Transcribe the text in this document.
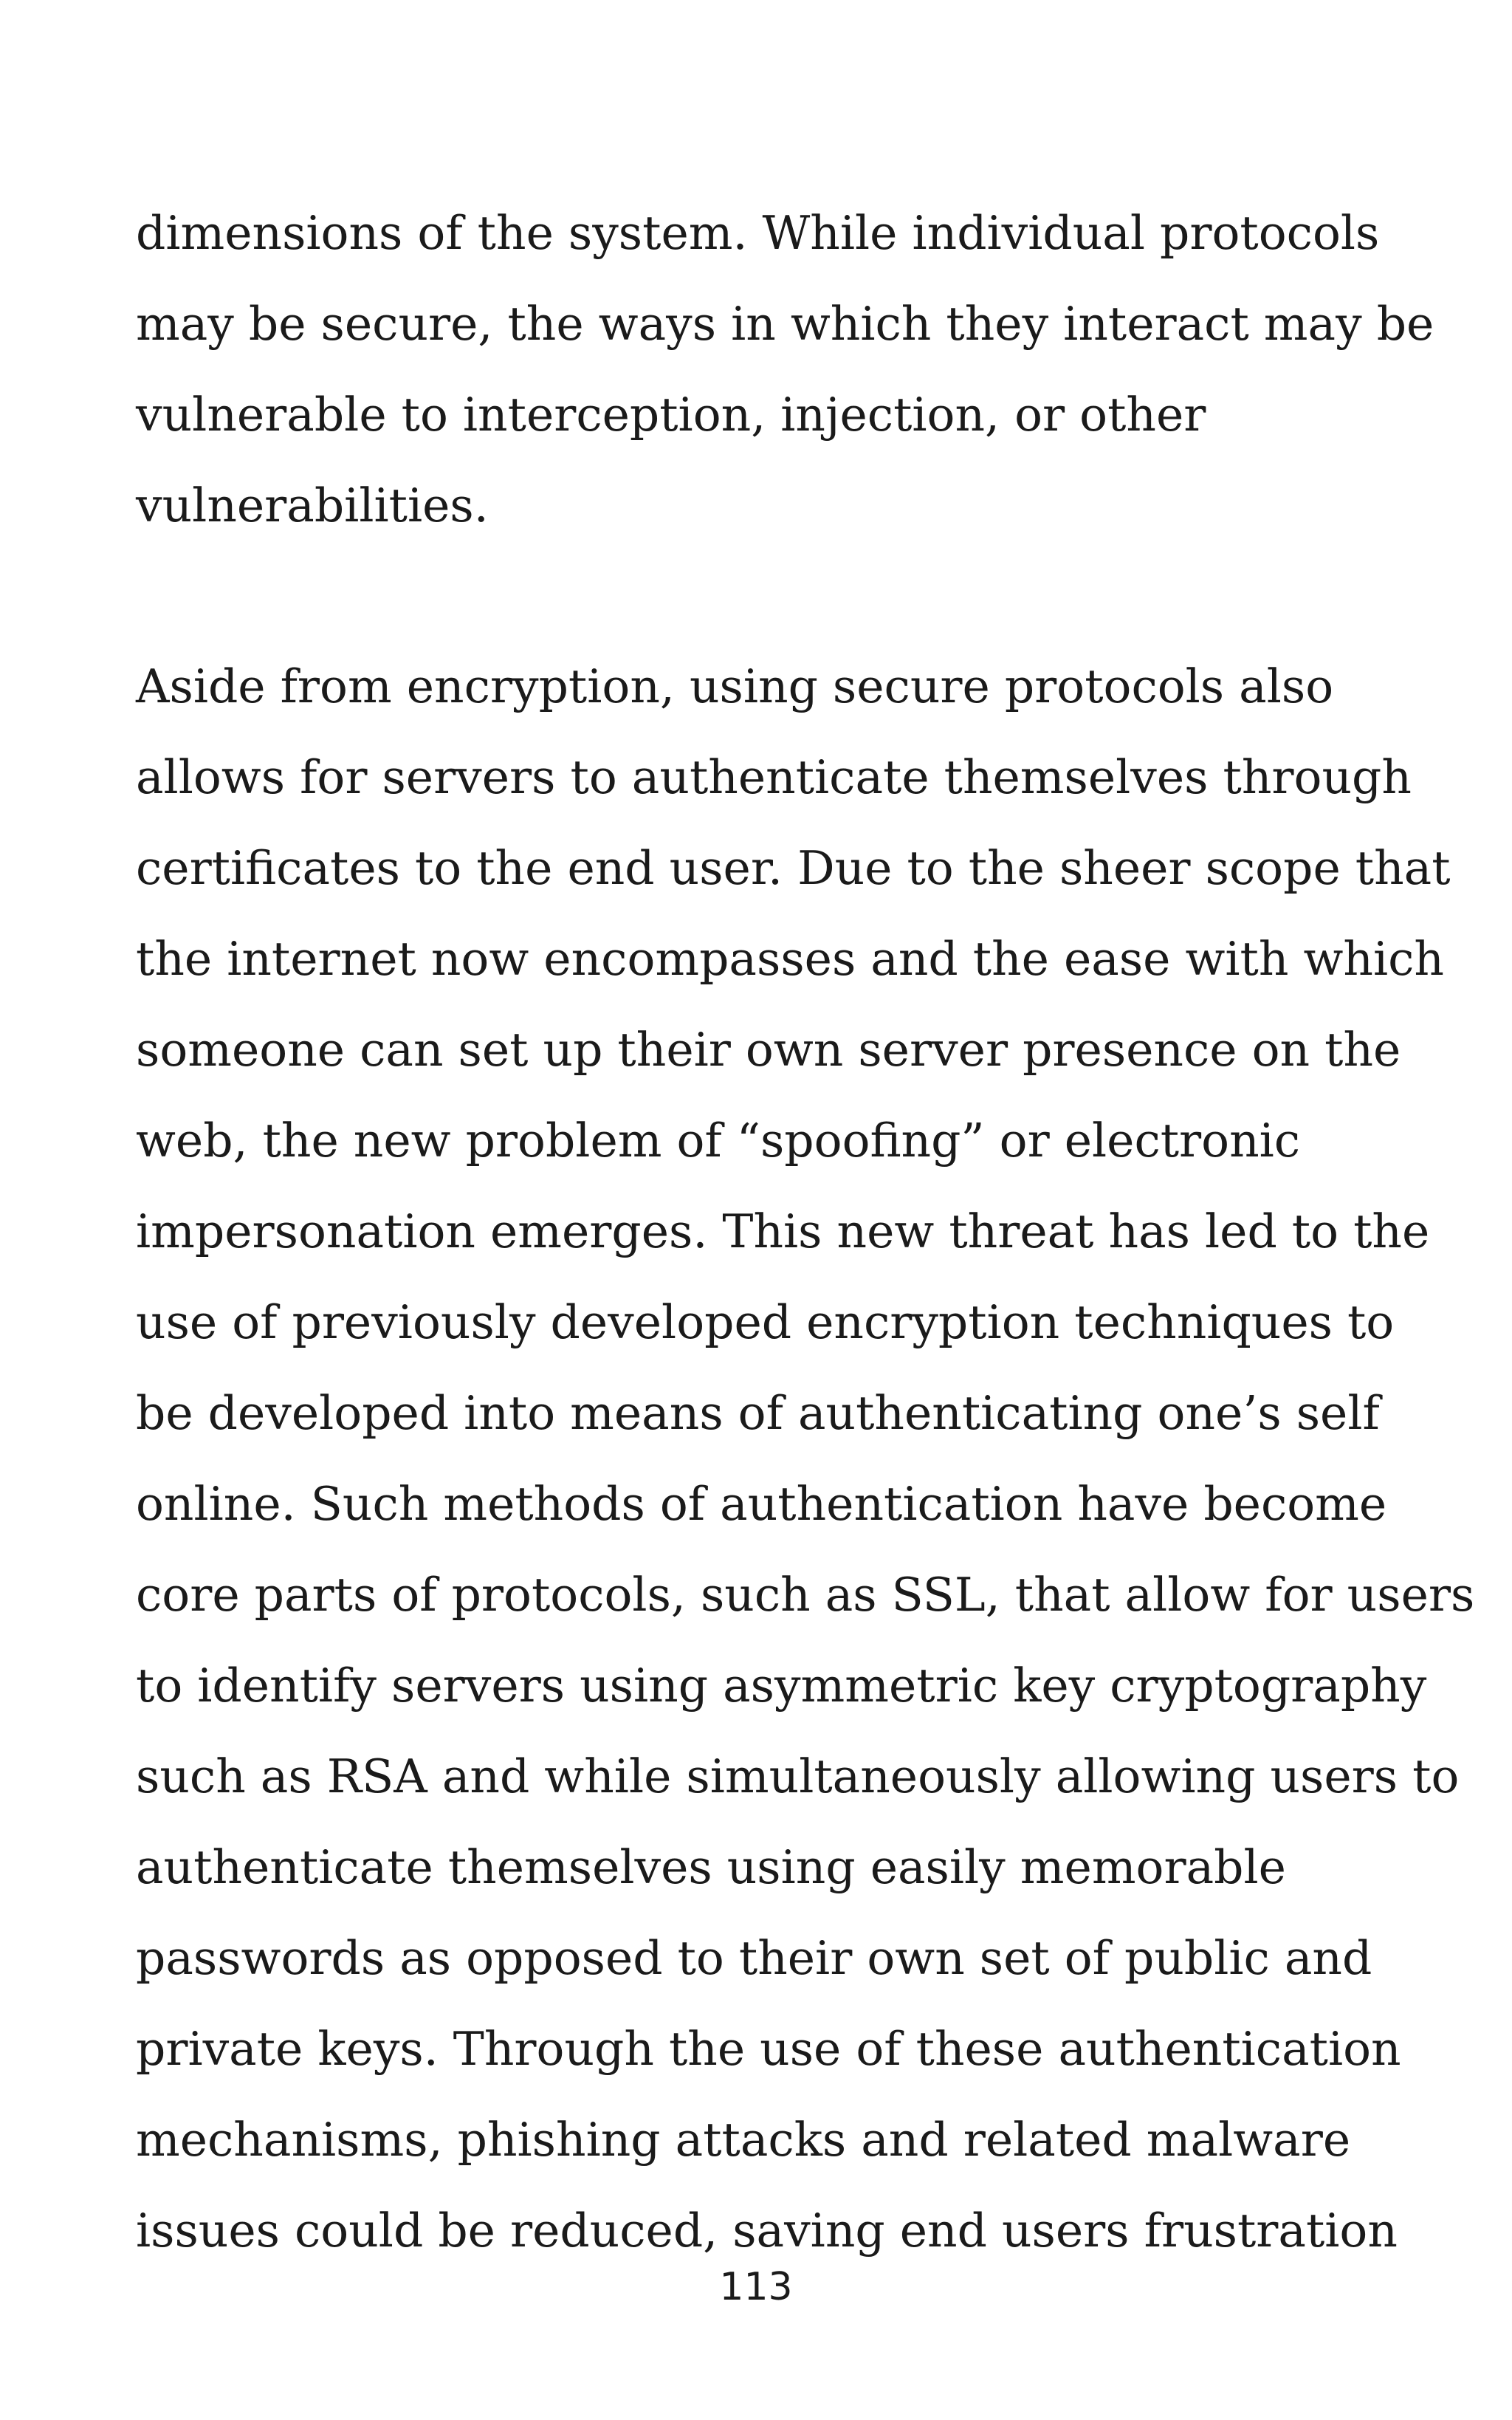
dimensions of the system. While individual protocols
may be secure, the ways in which they interact may be
vulnerable to interception, injection, or other
vulnerabilities.
Aside from encryption, using secure protocols also
allows for servers to authenticate themselves through
certificates to the end user. Due to the sheer scope that
the internet now encompasses and the ease with which
someone can set up their own server presence on the
web, the new problem of “spoofing” or electronic
impersonation emerges. This new threat has led to the
use of previously developed encryption techniques to
be developed into means of authenticating one’s self
online. Such methods of authentication have become
core parts of protocols, such as SSL, that allow for users
to identify servers using asymmetric key cryptography
such as RSA and while simultaneously allowing users to
authenticate themselves using easily memorable
passwords as opposed to their own set of public and
private keys. Through the use of these authentication
mechanisms, phishing attacks and related malware
issues could be reduced, saving end users frustration
113
